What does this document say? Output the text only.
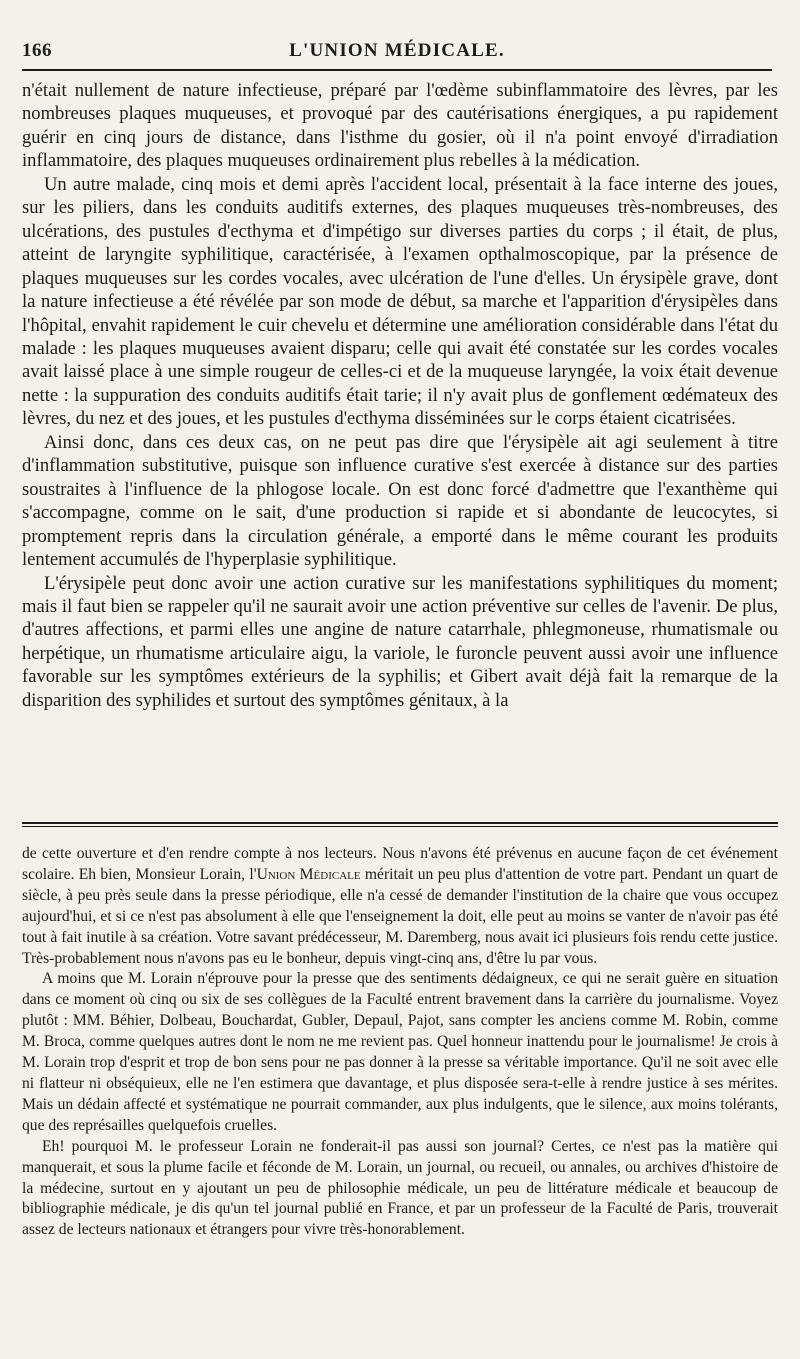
166	L'UNION MÉDICALE.

n'était nullement de nature infectieuse, préparé par l'œdème subinflammatoire des lèvres, par les nombreuses plaques muqueuses, et provoqué par des cautérisations énergiques, a pu rapidement guérir en cinq jours de distance, dans l'isthme du gosier, où il n'a point envoyé d'irradiation inflammatoire, des plaques muqueuses ordinairement plus rebelles à la médication.

Un autre malade, cinq mois et demi après l'accident local, présentait à la face interne des joues, sur les piliers, dans les conduits auditifs externes, des plaques muqueuses très-nombreuses, des ulcérations, des pustules d'ecthyma et d'impétigo sur diverses parties du corps ; il était, de plus, atteint de laryngite syphilitique, caractérisée, à l'examen opthalmoscopique, par la présence de plaques muqueuses sur les cordes vocales, avec ulcération de l'une d'elles. Un érysipèle grave, dont la nature infectieuse a été révélée par son mode de début, sa marche et l'apparition d'érysipèles dans l'hôpital, envahit rapidement le cuir chevelu et détermine une amélioration considérable dans l'état du malade : les plaques muqueuses avaient disparu; celle qui avait été constatée sur les cordes vocales avait laissé place à une simple rougeur de celles-ci et de la muqueuse laryngée, la voix était devenue nette : la suppuration des conduits auditifs était tarie; il n'y avait plus de gonflement œdémateux des lèvres, du nez et des joues, et les pustules d'ecthyma disséminées sur le corps étaient cicatrisées.

Ainsi donc, dans ces deux cas, on ne peut pas dire que l'érysipèle ait agi seulement à titre d'inflammation substitutive, puisque son influence curative s'est exercée à distance sur des parties soustraites à l'influence de la phlogose locale. On est donc forcé d'admettre que l'exanthème qui s'accompagne, comme on le sait, d'une production si rapide et si abondante de leucocytes, si promptement repris dans la circulation générale, a emporté dans le même courant les produits lentement accumulés de l'hyperplasie syphilitique.

L'érysipèle peut donc avoir une action curative sur les manifestations syphilitiques du moment; mais il faut bien se rappeler qu'il ne saurait avoir une action préventive sur celles de l'avenir. De plus, d'autres affections, et parmi elles une angine de nature catarrhale, phlegmoneuse, rhumatismale ou herpétique, un rhumatisme articulaire aigu, la variole, le furoncle peuvent aussi avoir une influence favorable sur les symptômes extérieurs de la syphilis; et Gibert avait déjà fait la remarque de la disparition des syphilides et surtout des symptômes génitaux, à la

de cette ouverture et d'en rendre compte à nos lecteurs. Nous n'avons été prévenus en aucune façon de cet événement scolaire. Eh bien, Monsieur Lorain, l'Union Médicale méritait un peu plus d'attention de votre part. Pendant un quart de siècle, à peu près seule dans la presse périodique, elle n'a cessé de demander l'institution de la chaire que vous occupez aujourd'hui, et si ce n'est pas absolument à elle que l'enseignement la doit, elle peut au moins se vanter de n'avoir pas été tout à fait inutile à sa création. Votre savant prédécesseur, M. Daremberg, nous avait ici plusieurs fois rendu cette justice. Très-probablement nous n'avons pas eu le bonheur, depuis vingt-cinq ans, d'être lu par vous.

A moins que M. Lorain n'éprouve pour la presse que des sentiments dédaigneux, ce qui ne serait guère en situation dans ce moment où cinq ou six de ses collègues de la Faculté entrent bravement dans la carrière du journalisme. Voyez plutôt : MM. Béhier, Dolbeau, Bouchardat, Gubler, Depaul, Pajot, sans compter les anciens comme M. Robin, comme M. Broca, comme quelques autres dont le nom ne me revient pas. Quel honneur inattendu pour le journalisme! Je crois à M. Lorain trop d'esprit et trop de bon sens pour ne pas donner à la presse sa véritable importance. Qu'il ne soit avec elle ni flatteur ni obséquieux, elle ne l'en estimera que davantage, et plus disposée sera-t-elle à rendre justice à ses mérites. Mais un dédain affecté et systématique ne pourrait commander, aux plus indulgents, que le silence, aux moins tolérants, que des représailles quelquefois cruelles.

Eh! pourquoi M. le professeur Lorain ne fonderait-il pas aussi son journal? Certes, ce n'est pas la matière qui manquerait, et sous la plume facile et féconde de M. Lorain, un journal, ou recueil, ou annales, ou archives d'histoire de la médecine, surtout en y ajoutant un peu de philosophie médicale, un peu de littérature médicale et beaucoup de bibliographie médicale, je dis qu'un tel journal publié en France, et par un professeur de la Faculté de Paris, trouverait assez de lecteurs nationaux et étrangers pour vivre très-honorablement.
